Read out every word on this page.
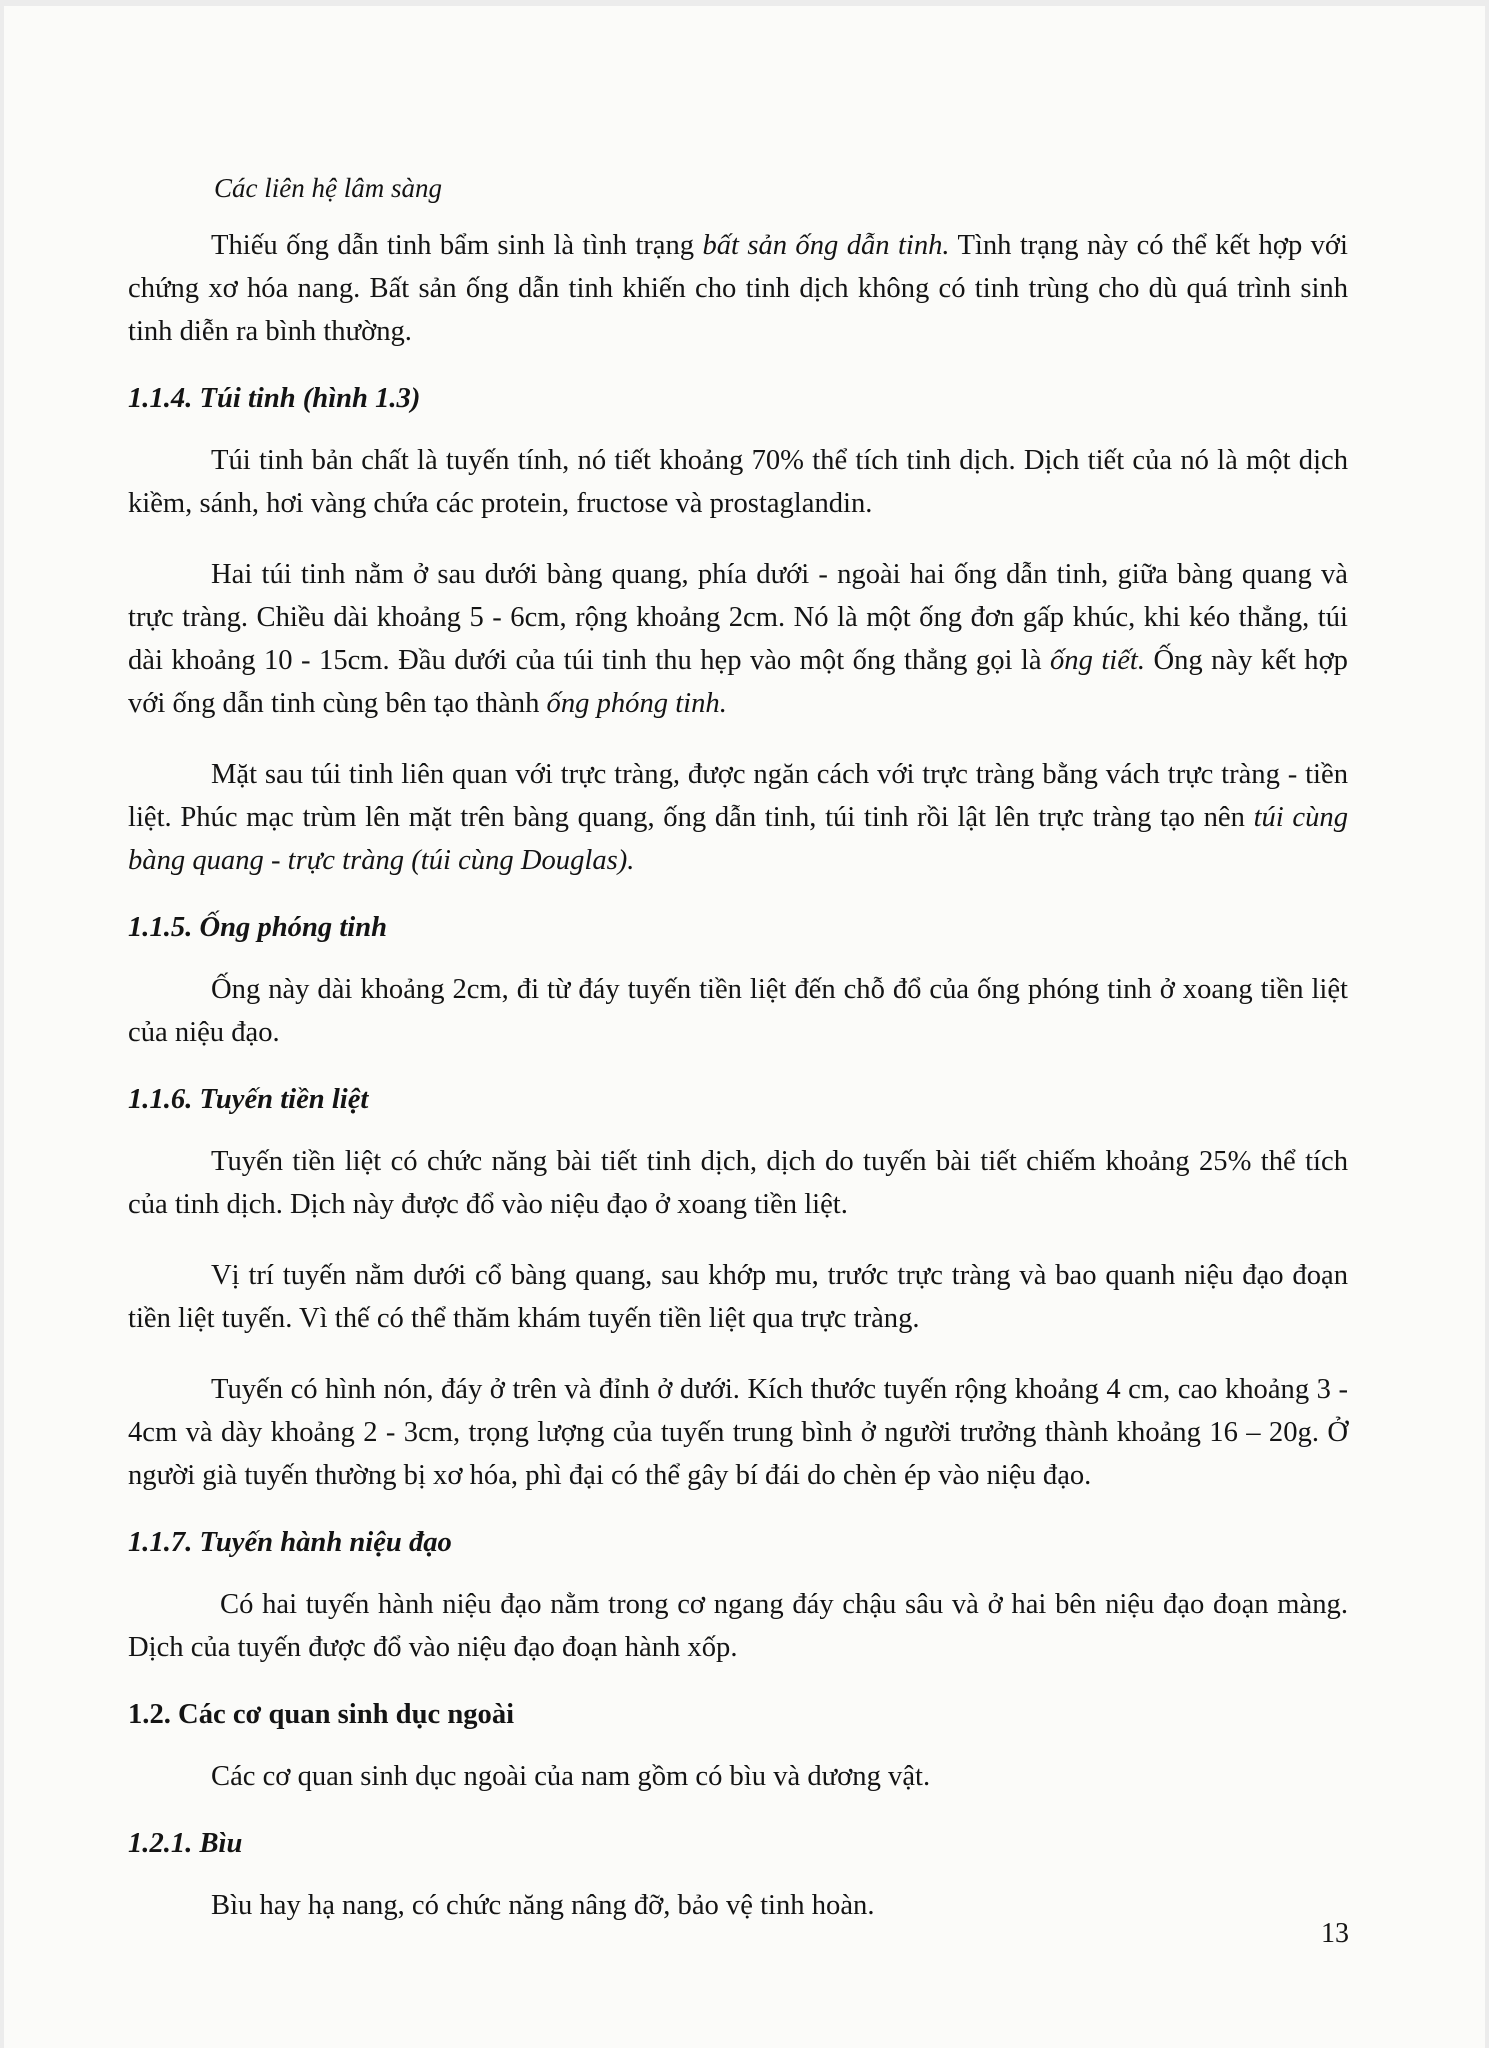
Các liên hệ lâm sàng

Thiếu ống dẫn tinh bẩm sinh là tình trạng bất sản ống dẫn tinh. Tình trạng này có thể kết hợp với chứng xơ hóa nang. Bất sản ống dẫn tinh khiến cho tinh dịch không có tinh trùng cho dù quá trình sinh tinh diễn ra bình thường.

1.1.4. Túi tinh (hình 1.3)

Túi tinh bản chất là tuyến tính, nó tiết khoảng 70% thể tích tinh dịch. Dịch tiết của nó là một dịch kiềm, sánh, hơi vàng chứa các protein, fructose và prostaglandin.

Hai túi tinh nằm ở sau dưới bàng quang, phía dưới - ngoài hai ống dẫn tinh, giữa bàng quang và trực tràng. Chiều dài khoảng 5 - 6cm, rộng khoảng 2cm. Nó là một ống đơn gấp khúc, khi kéo thẳng, túi dài khoảng 10 - 15cm. Đầu dưới của túi tinh thu hẹp vào một ống thẳng gọi là ống tiết. Ống này kết hợp với ống dẫn tinh cùng bên tạo thành ống phóng tinh.

Mặt sau túi tinh liên quan với trực tràng, được ngăn cách với trực tràng bằng vách trực tràng - tiền liệt. Phúc mạc trùm lên mặt trên bàng quang, ống dẫn tinh, túi tinh rồi lật lên trực tràng tạo nên túi cùng bàng quang - trực tràng (túi cùng Douglas).

1.1.5. Ống phóng tinh

Ống này dài khoảng 2cm, đi từ đáy tuyến tiền liệt đến chỗ đổ của ống phóng tinh ở xoang tiền liệt của niệu đạo.

1.1.6. Tuyến tiền liệt

Tuyến tiền liệt có chức năng bài tiết tinh dịch, dịch do tuyến bài tiết chiếm khoảng 25% thể tích của tinh dịch. Dịch này được đổ vào niệu đạo ở xoang tiền liệt.

Vị trí tuyến nằm dưới cổ bàng quang, sau khớp mu, trước trực tràng và bao quanh niệu đạo đoạn tiền liệt tuyến. Vì thế có thể thăm khám tuyến tiền liệt qua trực tràng.

Tuyến có hình nón, đáy ở trên và đỉnh ở dưới. Kích thước tuyến rộng khoảng 4 cm, cao khoảng 3 - 4cm và dày khoảng 2 - 3cm, trọng lượng của tuyến trung bình ở người trưởng thành khoảng 16 – 20g. Ở người già tuyến thường bị xơ hóa, phì đại có thể gây bí đái do chèn ép vào niệu đạo.

1.1.7. Tuyến hành niệu đạo

Có hai tuyến hành niệu đạo nằm trong cơ ngang đáy chậu sâu và ở hai bên niệu đạo đoạn màng. Dịch của tuyến được đổ vào niệu đạo đoạn hành xốp.

1.2. Các cơ quan sinh dục ngoài

Các cơ quan sinh dục ngoài của nam gồm có bìu và dương vật.

1.2.1. Bìu

Bìu hay hạ nang, có chức năng nâng đỡ, bảo vệ tinh hoàn.

13
